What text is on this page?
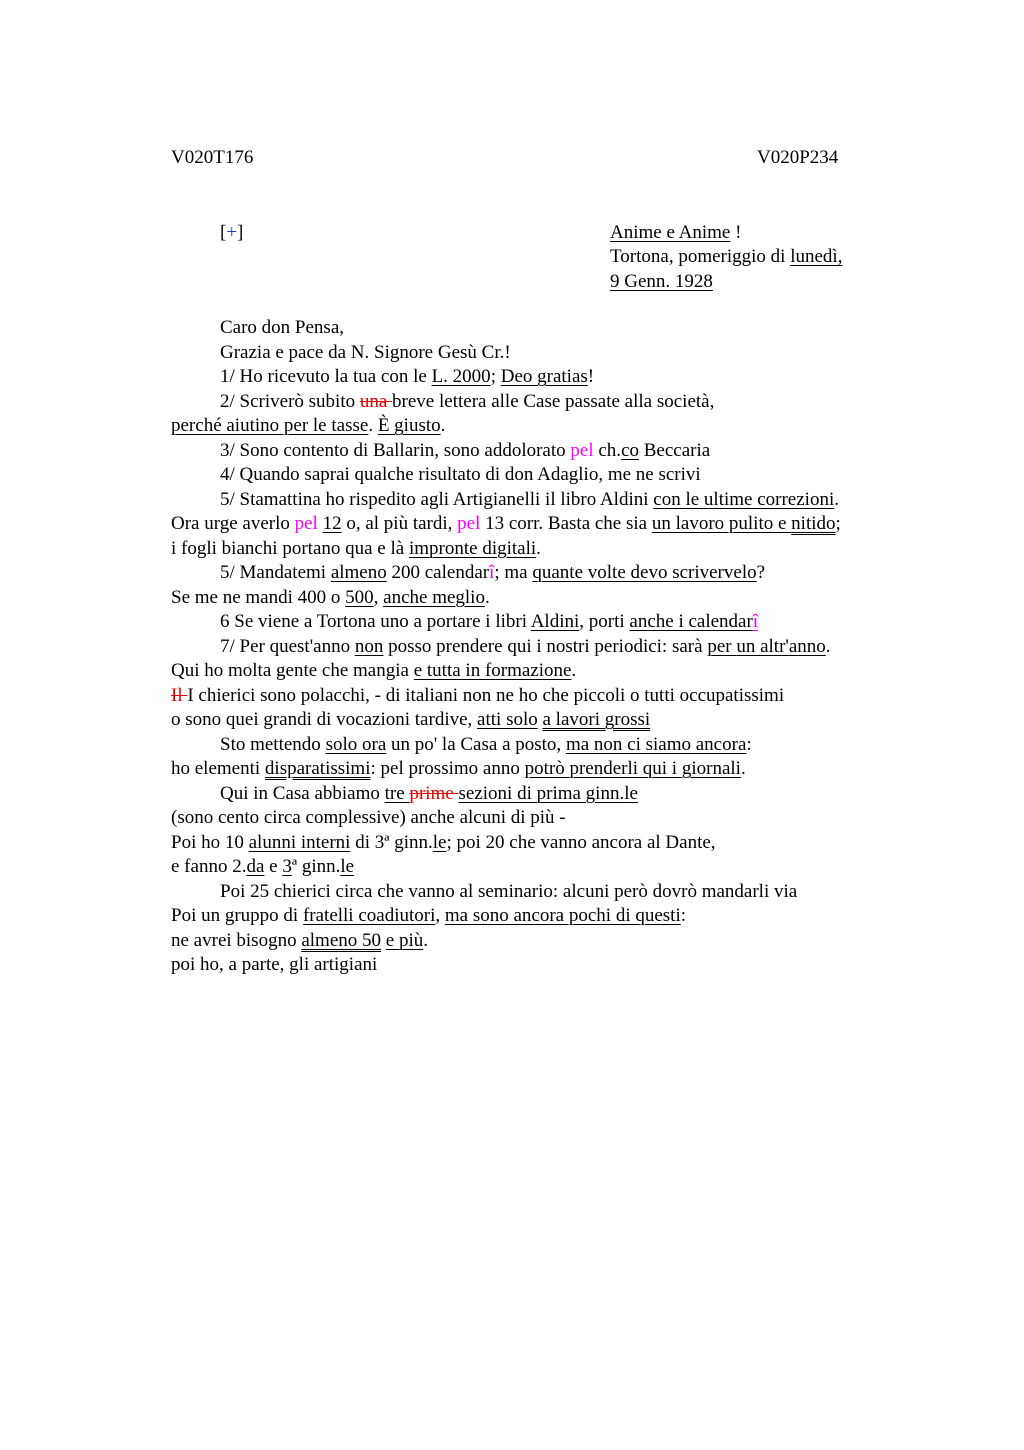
V020T176	V020P234
[+]	Anime e Anime !
Tortona, pomeriggio di lunedì,
9 Genn. 1928
Caro don Pensa,
Grazia e pace da N. Signore Gesù Cr.!
1/ Ho ricevuto la tua con le L. 2000; Deo gratias!
2/ Scriverò subito una breve lettera alle Case passate alla società,
perché aiutino per le tasse. È giusto.
3/ Sono contento di Ballarin, sono addolorato pel ch.co Beccaria
4/ Quando saprai qualche risultato di don Adaglio, me ne scrivi
5/ Stamattina ho rispedito agli Artigianelli il libro Aldini con le ultime correzioni.
Ora urge averlo pel 12 o, al più tardi, pel 13 corr. Basta che sia un lavoro pulito e nitido;
i fogli bianchi portano qua e là impronte digitali.
5/ Mandatemi almeno 200 calendarî; ma quante volte devo scrivervelo?
Se me ne mandi 400 o 500, anche meglio.
6 Se viene a Tortona uno a portare i libri Aldini, porti anche i calendarî
7/ Per quest'anno non posso prendere qui i nostri periodici: sarà per un altr'anno.
Qui ho molta gente che mangia e tutta in formazione.
Il I chierici sono polacchi, - di italiani non ne ho che piccoli o tutti occupatissimi
o sono quei grandi di vocazioni tardive, atti solo a lavori grossi
Sto mettendo solo ora un po' la Casa a posto, ma non ci siamo ancora:
ho elementi disparatissimi: pel prossimo anno potrò prenderli qui i giornali.
Qui in Casa abbiamo tre prime sezioni di prima ginn.le
(sono cento circa complessive) anche alcuni di più -
Poi ho 10 alunni interni di 3ª ginn.le; poi 20 che vanno ancora al Dante,
e fanno 2.da e 3ª ginn.le
Poi 25 chierici circa che vanno al seminario: alcuni però dovrò mandarli via
Poi un gruppo di fratelli coadiutori, ma sono ancora pochi di questi:
ne avrei bisogno almeno 50 e più.
poi ho, a parte, gli artigiani
